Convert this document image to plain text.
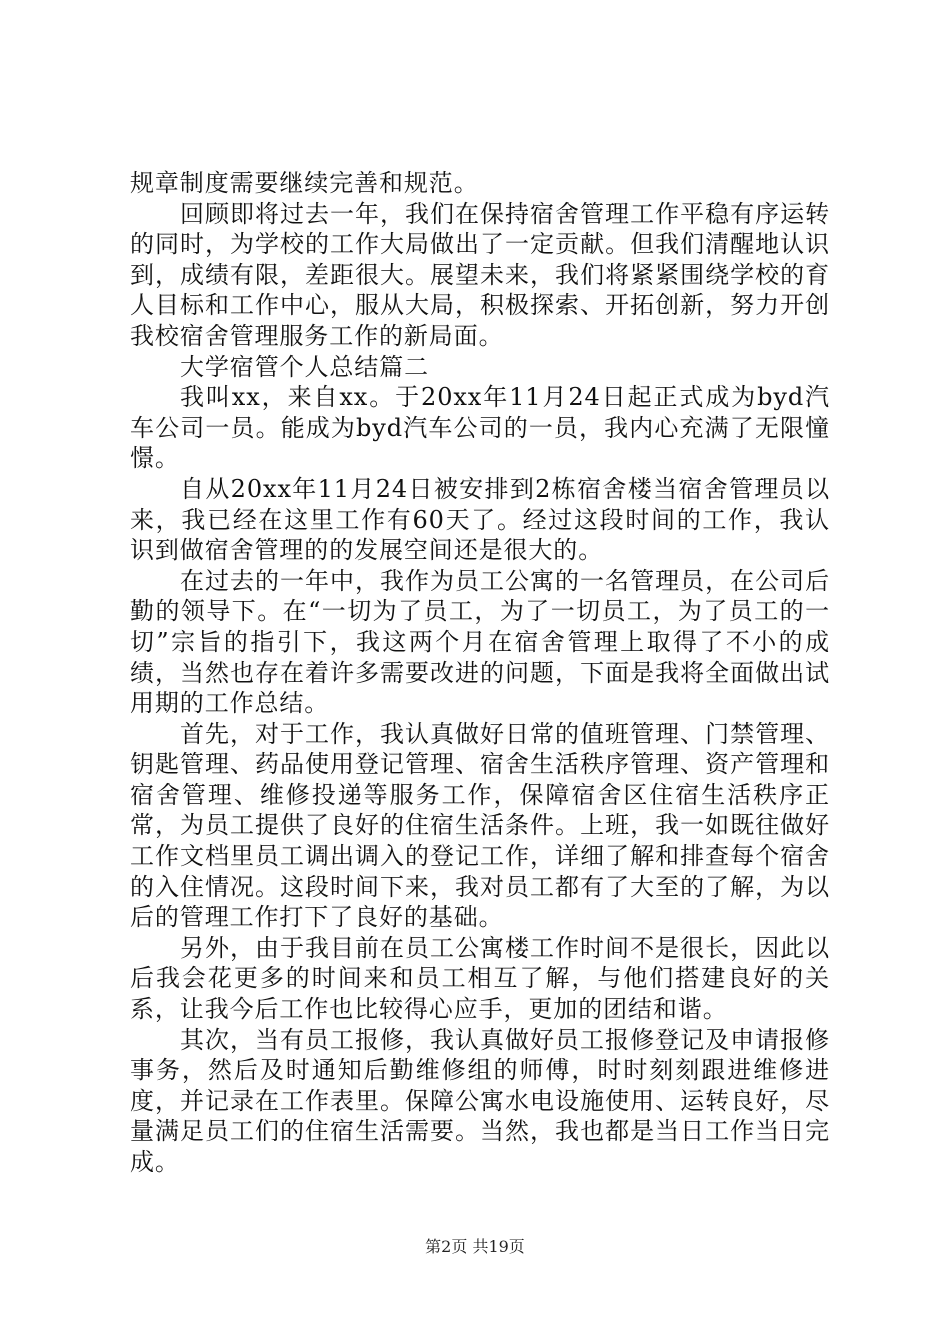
规章制度需要继续完善和规范。

回顾即将过去一年，我们在保持宿舍管理工作平稳有序运转的同时，为学校的工作大局做出了一定贡献。但我们清醒地认识到，成绩有限，差距很大。展望未来，我们将紧紧围绕学校的育人目标和工作中心，服从大局，积极探索、开拓创新，努力开创我校宿舍管理服务工作的新局面。

大学宿管个人总结篇二

我叫xx，来自xx。于20xx年11月24日起正式成为byd汽车公司一员。能成为byd汽车公司的一员，我内心充满了无限憧憬。

自从20xx年11月24日被安排到2栋宿舍楼当宿舍管理员以来，我已经在这里工作有60天了。经过这段时间的工作，我认识到做宿舍管理的的发展空间还是很大的。

在过去的一年中，我作为员工公寓的一名管理员，在公司后勤的领导下。在“一切为了员工，为了一切员工，为了员工的一切”宗旨的指引下，我这两个月在宿舍管理上取得了不小的成绩，当然也存在着许多需要改进的问题，下面是我将全面做出试用期的工作总结。

首先，对于工作，我认真做好日常的值班管理、门禁管理、钥匙管理、药品使用登记管理、宿舍生活秩序管理、资产管理和宿舍管理、维修投递等服务工作，保障宿舍区住宿生活秩序正常，为员工提供了良好的住宿生活条件。上班，我一如既往做好工作文档里员工调出调入的登记工作，详细了解和排查每个宿舍的入住情况。这段时间下来，我对员工都有了大至的了解，为以后的管理工作打下了良好的基础。

另外，由于我目前在员工公寓楼工作时间不是很长，因此以后我会花更多的时间来和员工相互了解，与他们搭建良好的关系，让我今后工作也比较得心应手，更加的团结和谐。

其次，当有员工报修，我认真做好员工报修登记及申请报修事务，然后及时通知后勤维修组的师傅，时时刻刻跟进维修进度，并记录在工作表里。保障公寓水电设施使用、运转良好，尽量满足员工们的住宿生活需要。当然，我也都是当日工作当日完成。

第2页 共19页
